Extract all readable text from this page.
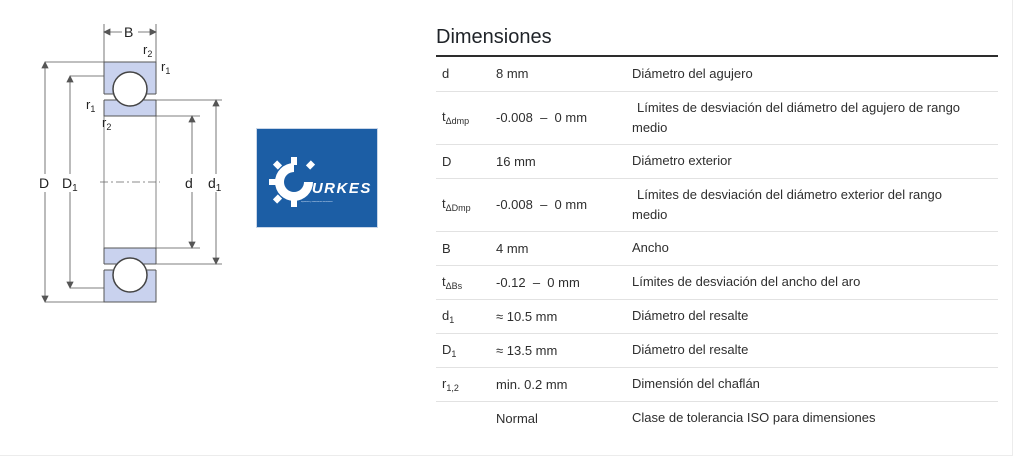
B
$r_2$
$r_1$
$r_1$
$r_2$
D $D_1$	d $d_1$	JURKES
repuestos y suministros industriales
Dimensiones
d	8 mm	Diámetro del agujero

$t_{\Delta dmp}$	-0.008  –  0 mm	Límites de desviación del diámetro del agujero de rango medio

D	16 mm	Diámetro exterior

$t_{\Delta Dmp}$	-0.008  –  0 mm	Límites de desviación del diámetro exterior del rango medio

B	4 mm	Ancho

$t_{\Delta Bs}$	-0.12  –  0 mm	Límites de desviación del ancho del aro

$d_1$	≈ 10.5 mm	Diámetro del resalte

$D_1$	≈ 13.5 mm	Diámetro del resalte

$r_{1,2}$	min. 0.2 mm	Dimensión del chaflán

	Normal	Clase de tolerancia ISO para dimensiones
